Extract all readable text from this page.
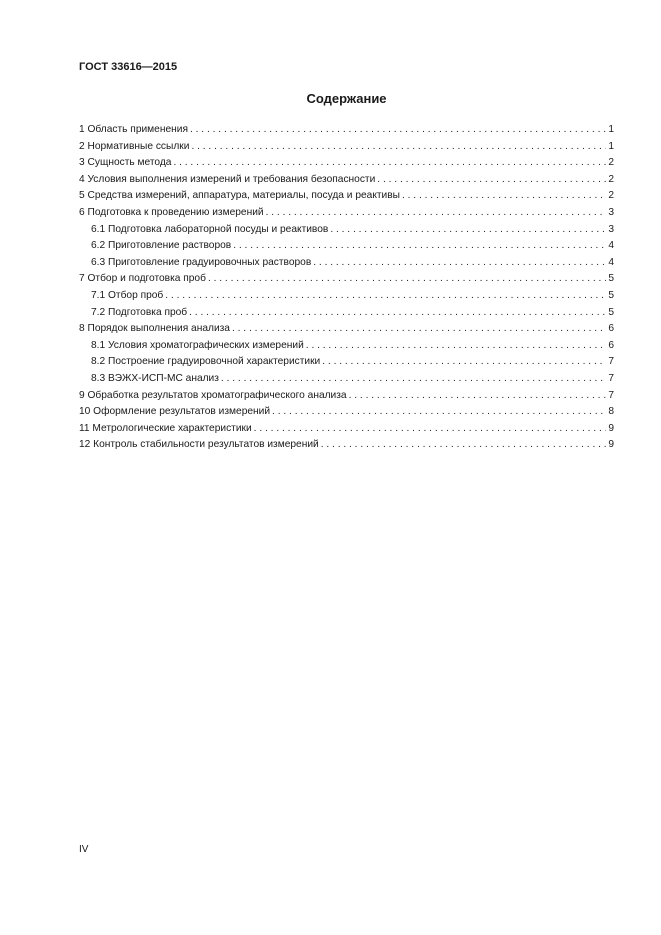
ГОСТ 33616—2015
Содержание
1 Область применения . . .	1
2 Нормативные ссылки . . .	1
3 Сущность метода . . .	2
4 Условия выполнения измерений и требования безопасности . . .	2
5 Средства измерений, аппаратура, материалы, посуда и реактивы . . .	2
6 Подготовка к проведению измерений . . .	3
6.1 Подготовка лабораторной посуды и реактивов . . .	3
6.2 Приготовление растворов . . .	4
6.3 Приготовление градуировочных растворов . . .	4
7 Отбор и подготовка проб . . .	5
7.1 Отбор проб . . .	5
7.2 Подготовка проб . . .	5
8 Порядок выполнения анализа . . .	6
8.1 Условия хроматографических измерений . . .	6
8.2 Построение градуировочной характеристики . . .	7
8.3 ВЭЖХ-ИСП-МС анализ . . .	7
9 Обработка результатов хроматографического анализа . . .	7
10 Оформление результатов измерений . . .	8
11 Метрологические характеристики . . .	9
12 Контроль стабильности результатов измерений . . .	9
IV
